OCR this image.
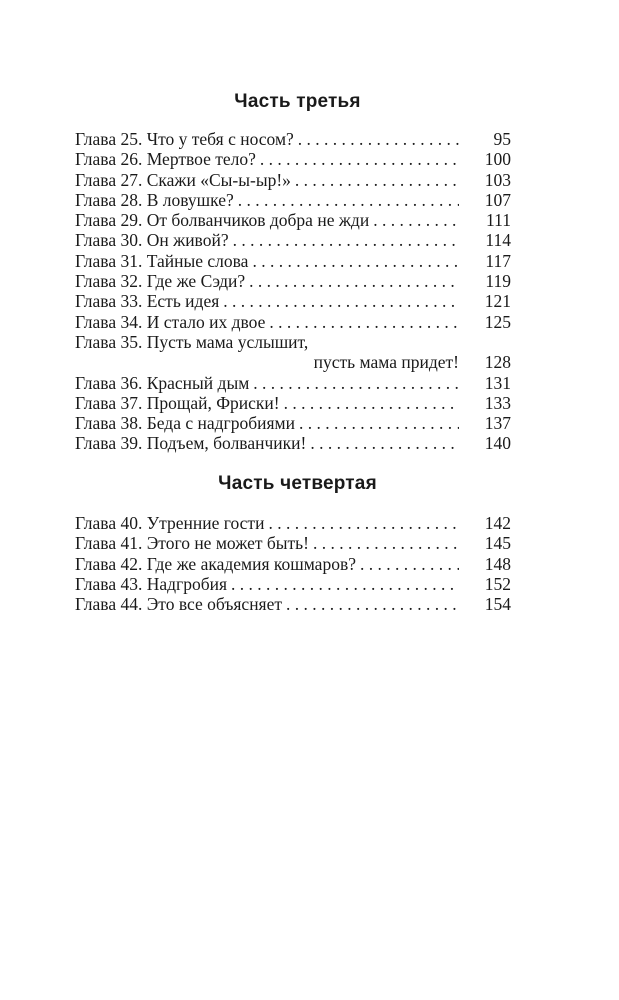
Часть третья
Глава 25. Что у тебя с носом? . . .	95
Глава 26. Мертвое тело? . . .	100
Глава 27. Скажи «Сы-ы-ыр!» . . .	103
Глава 28. В ловушке? . . .	107
Глава 29. От болванчиков добра не жди . . .	111
Глава 30. Он живой? . . .	114
Глава 31. Тайные слова . . .	117
Глава 32. Где же Сэди? . . .	119
Глава 33. Есть идея . . .	121
Глава 34. И стало их двое . . .	125
Глава 35. Пусть мама услышит,
пусть мама придет!	128
Глава 36. Красный дым . . .	131
Глава 37. Прощай, Фриски! . . .	133
Глава 38. Беда с надгробиями . . .	137
Глава 39. Подъем, болванчики! . . .	140
Часть четвертая
Глава 40. Утренние гости . . .	142
Глава 41. Этого не может быть! . . .	145
Глава 42. Где же академия кошмаров? . . .	148
Глава 43. Надгробия . . .	152
Глава 44. Это все объясняет . . .	154
